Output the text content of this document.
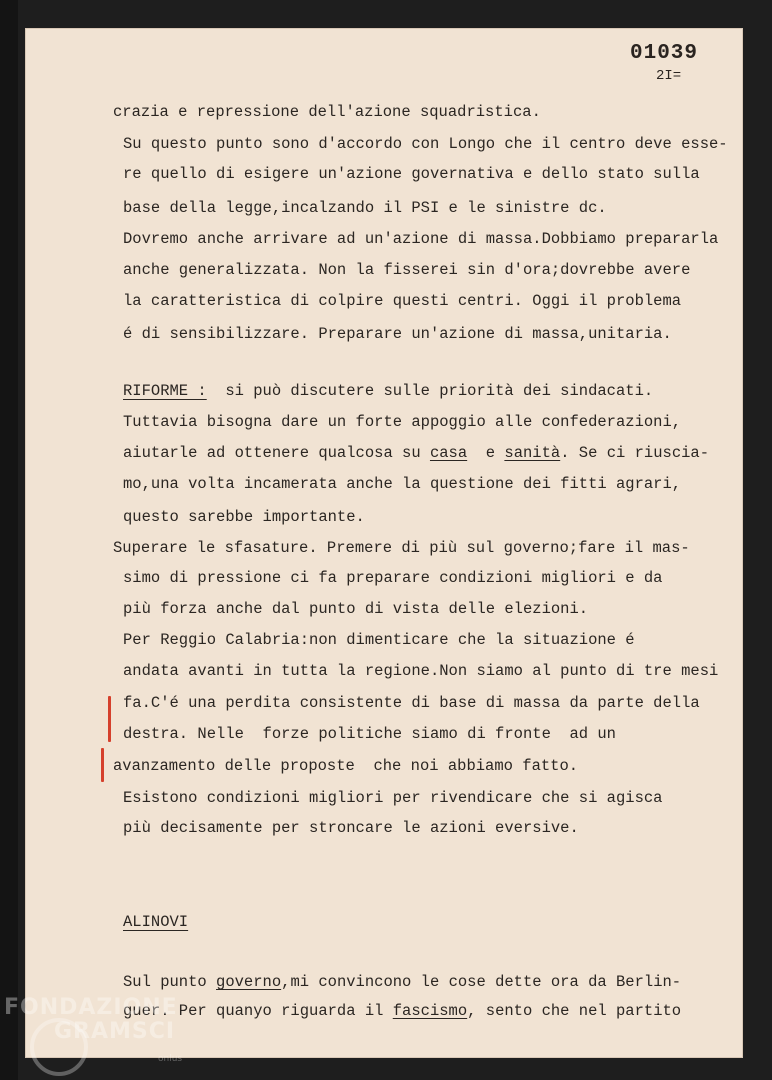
01039
2I=
crazia e repressione dell'azione squadristica.
Su questo punto sono d'accordo con Longo che il centro deve esse-
re quello di esigere un'azione governativa e dello stato sulla
base della legge,incalzando il PSI e le sinistre dc.
Dovremo anche arrivare ad un'azione di massa.Dobbiamo prepararla
anche generalizzata. Non la fisserei sin d'ora;dovrebbe avere
la caratteristica di colpire questi centri. Oggi il problema
é di sensibilizzare. Preparare un'azione di massa,unitaria.
RIFORME :  si può discutere sulle priorità dei sindacati.
Tuttavia bisogna dare un forte appoggio alle confederazioni,
aiutarle ad ottenere qualcosa su casa  e sanità. Se ci riuscia-
mo,una volta incamerata anche la questione dei fitti agrari,
questo sarebbe importante.
Superare le sfasature. Premere di più sul governo;fare il mas-
simo di pressione ci fa preparare condizioni migliori e da
più forza anche dal punto di vista delle elezioni.
Per Reggio Calabria:non dimenticare che la situazione é
andata avanti in tutta la regione.Non siamo al punto di tre mesi
fa.C'é una perdita consistente di base di massa da parte della
destra. Nelle  forze politiche siamo di fronte  ad un
avanzamento delle proposte  che noi abbiamo fatto.
Esistono condizioni migliori per rivendicare che si agisca
più decisamente per stroncare le azioni eversive.
ALINOVI
Sul punto governo,mi convincono le cose dette ora da Berlin-
guer. Per quanyo riguarda il fascismo, sento che nel partito
FONDAZIONE
GRAMSCI
onlus
